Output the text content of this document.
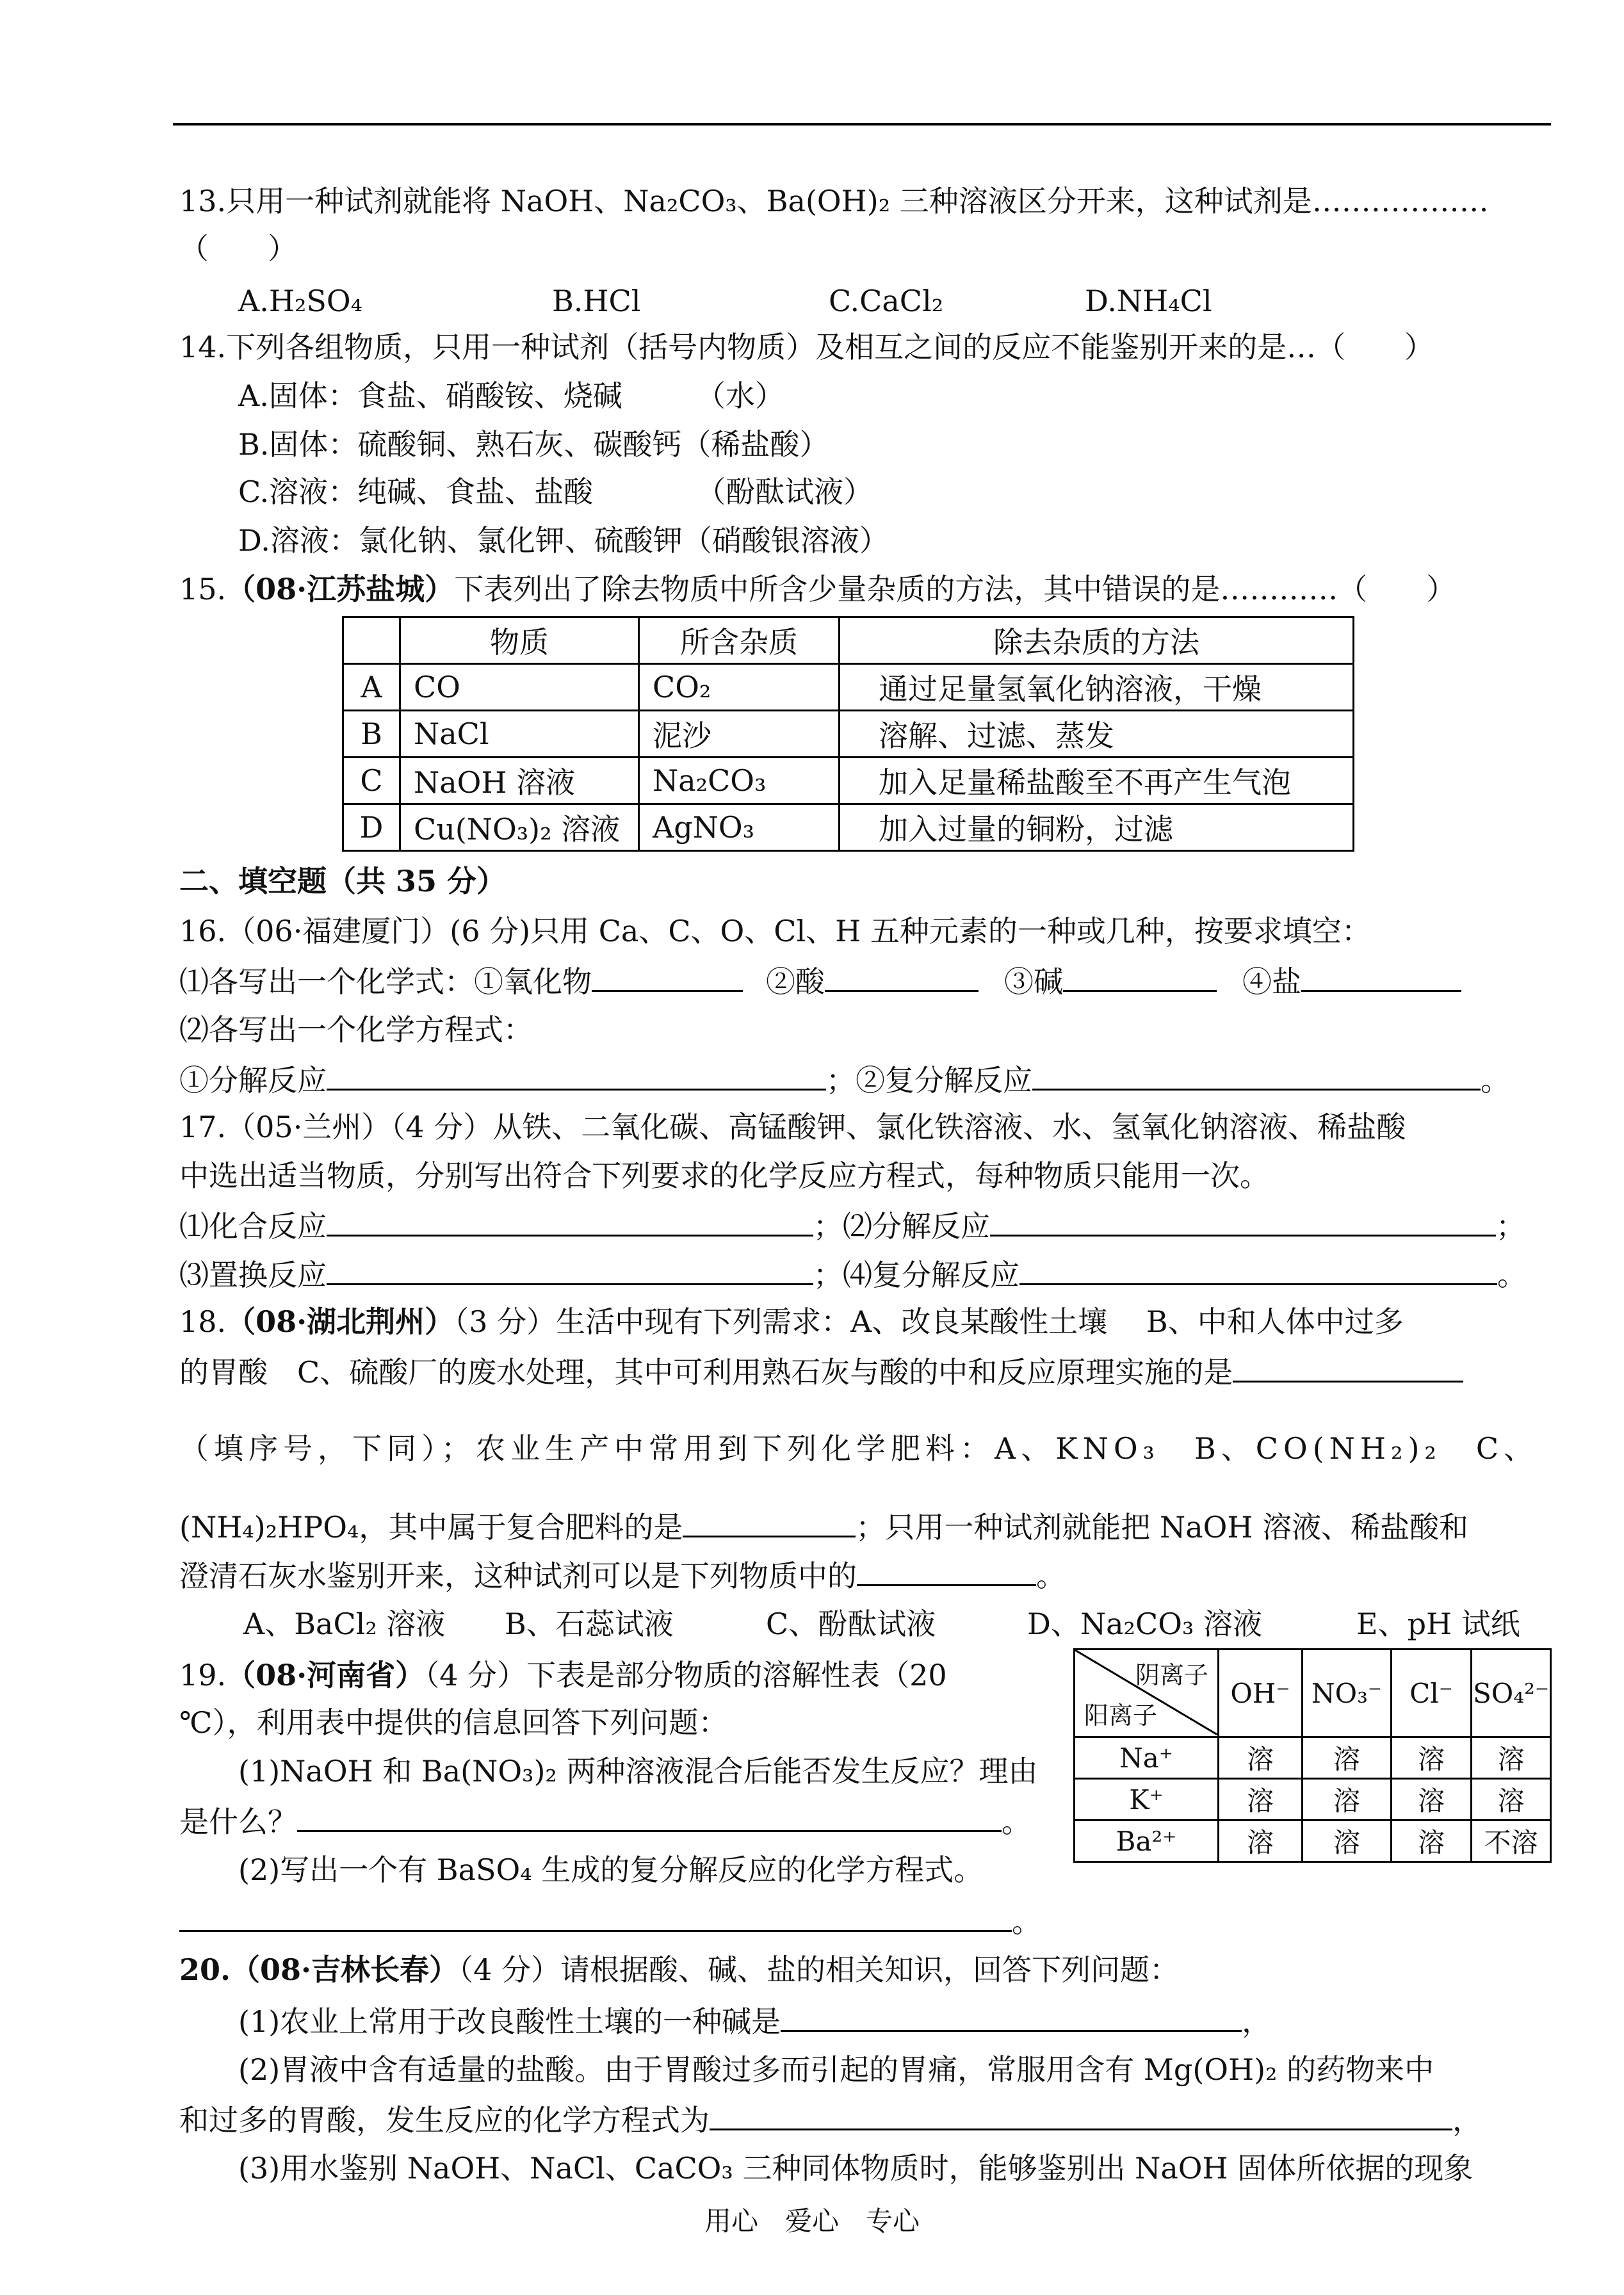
13.只用一种试剂就能将 NaOH、Na₂CO₃、Ba(OH)₂ 三种溶液区分开来，这种试剂是………………
（　　）
A.H₂SO₄	B.HCl	C.CaCl₂	D.NH₄Cl
14.下列各组物质，只用一种试剂（括号内物质）及相互之间的反应不能鉴别开来的是…（　　）
A.固体：食盐、硝酸铵、烧碱　　　（水）
B.固体：硫酸铜、熟石灰、碳酸钙（稀盐酸）
C.溶液：纯碱、食盐、盐酸　　　　（酚酞试液）
D.溶液：氯化钠、氯化钾、硫酸钾（硝酸银溶液）
15.（08·江苏盐城）下表列出了除去物质中所含少量杂质的方法，其中错误的是…………（　　）
	物质	所含杂质	除去杂质的方法
A	CO	CO₂	通过足量氢氧化钠溶液，干燥
B	NaCl	泥沙	溶解、过滤、蒸发
C	NaOH 溶液	Na₂CO₃	加入足量稀盐酸至不再产生气泡
D	Cu(NO₃)₂ 溶液	AgNO₃	加入过量的铜粉，过滤
二、填空题（共 35 分）
16.（06·福建厦门）(6 分)只用 Ca、C、O、Cl、H 五种元素的一种或几种，按要求填空：
⑴各写出一个化学式：①氧化物	②酸	③碱	④盐
⑵各写出一个化学方程式：
①分解反应	；②复分解反应	。
17.（05·兰州）（4 分）从铁、二氧化碳、高锰酸钾、氯化铁溶液、水、氢氧化钠溶液、稀盐酸
中选出适当物质，分别写出符合下列要求的化学反应方程式，每种物质只能用一次。
⑴化合反应	；⑵分解反应	；
⑶置换反应	；⑷复分解反应	。
18.（08·湖北荆州）（3 分）生活中现有下列需求：A、改良某酸性土壤　 B、中和人体中过多
的胃酸　C、硫酸厂的废水处理，其中可利用熟石灰与酸的中和反应原理实施的是
（填序号，下同）；农业生产中常用到下列化学肥料：A、KNO₃　B、CO(NH₂)₂　C、
(NH₄)₂HPO₄，其中属于复合肥料的是	；只用一种试剂就能把 NaOH 溶液、稀盐酸和
澄清石灰水鉴别开来，这种试剂可以是下列物质中的	。
A、BaCl₂ 溶液 B、石蕊试液	C、酚酞试液	D、Na₂CO₃ 溶液	E、pH 试纸
19.（08·河南省）（4 分）下表是部分物质的溶解性表（20
℃），利用表中提供的信息回答下列问题：
(1)NaOH 和 Ba(NO₃)₂ 两种溶液混合后能否发生反应？理由
是什么？	。
(2)写出一个有 BaSO₄ 生成的复分解反应的化学方程式。
。
阴离子
阳离子	OH⁻	NO₃⁻	Cl⁻	SO₄²⁻
Na⁺	溶	溶	溶	溶
K⁺	溶	溶	溶	溶
Ba²⁺	溶	溶	溶	不溶
20.（08·吉林长春）（4 分）请根据酸、碱、盐的相关知识，回答下列问题：
(1)农业上常用于改良酸性土壤的一种碱是	，
(2)胃液中含有适量的盐酸。由于胃酸过多而引起的胃痛，常服用含有 Mg(OH)₂ 的药物来中
和过多的胃酸，发生反应的化学方程式为	，
(3)用水鉴别 NaOH、NaCl、CaCO₃ 三种同体物质时，能够鉴别出 NaOH 固体所依据的现象
用心　爱心　专心
